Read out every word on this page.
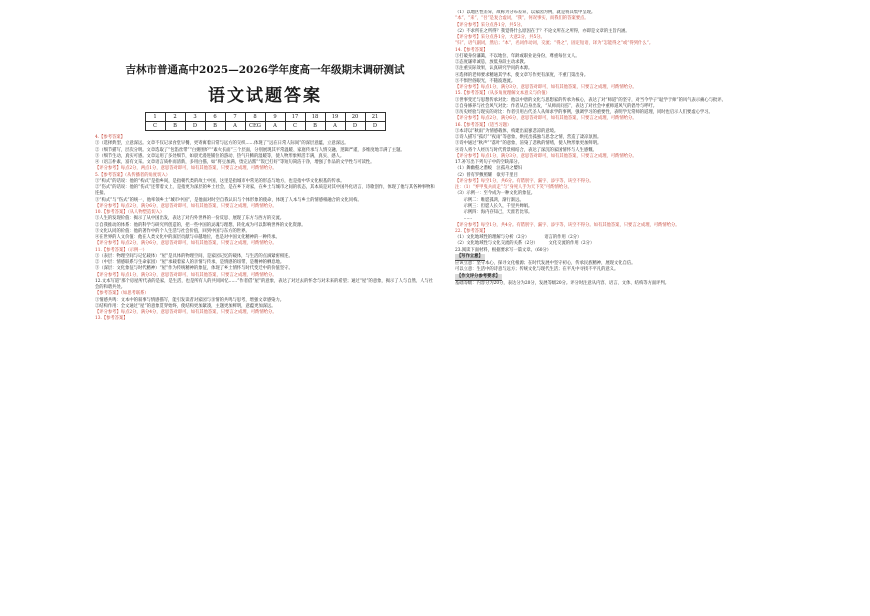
吉林市普通高中2025—2026学年度高一年级期末调研测试
语文试题答案
1	2	3	6	7	8	9	17	18	19	20	21
C	B	D	B	A	CEG	A	C	B	A	D	D

4.【参考答案】

①（选择典型，立意深远。文章不仅记录食堂早餐，更寄寓着日常与远方的交织……体现了“远在日常人际间”的深层意蕴，立意深远。

②（细节描写，层次分明。文章选取了“包馅丝带”“白粥围炉”“素火长面”三个层面，分别展现其平常温暖、家庭传承与人情交融，逻辑严谨，多维度地丰满了主题。

③（细节生动，真实可感。文章运用了多处细节，如晨光漫进铺位的游动、热气升腾的湿暖等，使人物形象鲜活丰满，真实、感人。

④（语言朴素，富有文采。文章语言质朴而清新，多用白描，如“将豆加满，烫完沾酱”“饭已打好”等短句简洁干净，增强了作品的文学性与可读性。

【评分参考】每点2分，两点1分，意思答对即可，如有其他答案，只要言之成理，可酌情给分。

5.【参考答案】（从传播者的角度切入）

①“构式”的话说：他的“构式”是指乡间，是指朝代类的故土中国，这里是指城市中常见的形态与地方，也是指中华文化根基的传承。

②“伤式”的话说：他的“伤式”还带着文上，是指更为深层的乡土社会，是在乡下对家，在乡土与城市之间的状态，其本质是对其中国外化语言、诗歌创作，体现了他与其各种事物和连接。

③“构式”与“伤式”的统一，他率领乡土“城市中国”，是他面对时空自我认识与个体形象的使命，体现了人本与乡土的情感相融合的文化同构。

【评分参考】每点2分，满分6分，意思答对即可，如有其他答案，只要言之成理，可酌情给分。

10.【参考答案】（从人物塑造切入）

①人生的发现价值：揭示了从中国出发，表达了对内外世界的一份反思、展现了东方与西方的交流。

②自我推动的体系：他的科学与研究所创造的，把一些中国的灵魂与理想，转化成为可以影响世界的文化资源。

③文化认同的价值：他的著作中的个人生活与社会价值，回到中国与东方的世界。

④在世界的人文价值：他在人类文化中的深层贡献与卓越地位，也是对中国文化精神的一种传承。

【评分参考】每点2分，满分6分，意思答对即可，如有其他答案，只要言之成理，可酌情给分。

11.【参考答案】（示例一）

①（表层：物理空间与记忆载体）“屋”是具体的物理空间，是家园记忆的载体，与生活的点滴紧密相连。

②（中层：情感联系与生命家园）“屋”承载着家人的亲情与传承，是情感的纽带，是精神的栖息地。

③（深层：文化象征与时代精神）“屋”作为传统精神的象征，体现了乡土情怀与时代变迁中的价值坚守。

【评分参考】每点1分，满分3分，意思答对即可，如有其他答案，只要言之成理，可酌情给分。

12.文本写道“那个房屋所代表的是家，是生活，也是所有人的共同回忆……”作者借“屋”的意象，表达了对过去的怀念与对未来的希望；通过“屋”的意象，揭示了人与自然、人与社会的和谐共处。

【参考答案】（如思考联系）

①情感共鸣：文本中的叙事与情感描写，能引发读者对家园与亲情的共鸣与思考，增强文章感染力。

②结构作用：全文通过“屋”的意象贯穿始终，使结构更加紧凑，主题更加鲜明，意蕴更加深远。

【评分参考】每点2分，满分4分，意思答对即可，如有其他答案，只要言之成理，可酌情给分。

13.【参考答案】

（1）以地区性差异，故称为分布差异，以家园为例，就是将其集中呈现。

“本”，“来”，“吾”是复合虚词，“我”，何况事实，而我们的答案要点。

【评分参考】采分点各1分，共5分。

（2）不求所在之所得？我觉得什么原因在于？不论文所在之所得，亦即是文章的主旨内涵。

【评分参考】采分点各1分，大意2分，共5分。

“归”，语气副词，然后；“本”，名词作动词，交流；“得之”，固定短语，译为“怎能得之”或“得到什么”。

14.【参考答案】

①打破身份藩篱，不以地位、年龄或职业论身份，尊重每位文人。

②态度谦卑诚恳，放低身段主动求教。

③注重实际效果，认真研究学问的本源。

④选择的老师要求精通其学术，使文章写作更有深度，不重门第出身。

⑤不惧世俗眼光，不随波逐流。

【评分参考】每点1分，满分3分，意思答对即可，如有其他答案，只要言之成理，可酌情给分。

15.【参考答案】（从多角度理解文本意义与价值）

①世事变迁与思想传承对比：他以中唐的文化与思想家的传承为核心，表达了对“师道”的坚守，对当今学子“耻学于师”的风气表示痛心与批评。

②自身修养与社会风气对比：作者从自身出发，“从师而问焉”，表达了对社会中重师道风气的倡导与呼吁。

③历史经验与现实的对比：作者引用古代圣人从师求学的事例，强调学习的重要性，表明学无常师的道理，同时也启示人们要虚心学习。

【评分参考】每点2分，满分6分，意思答对即可，如有其他答案，只要言之成理，可酌情给分。

16.【参考答案】（适当习题）

①本诗以“秋雨”为情感载体，构建出寂寥悲凉的意境。

②诗人描写“孤灯”“夜雨”等意象，烘托出孤独与思念之情，营造了凄凉氛围。

③诗中通过“秋声”“落叶”的意象，渲染了悲秋的情绪，使人物形象更加鲜明。

④诗人将个人经历与时代背景相结合，表达了深沉的家国情怀与人生感慨。

【评分参考】每点1分，满分3分，意思答对即可，如有其他答案，只要言之成理，可酌情给分。

17.补写出下列句子中的空缺部分。

（1）舞幽壑之潜蛟　泣孤舟之嫠妇

（2）曾有罗敷照耀　欲穷千里目

【评分参考】每空1分，共6分。有错别字、漏字、添字等，该空不得分。

注：（1）“弃甲曳兵而走”与“身死人手为天下笑”可酌情给分。

（3）示例一：至今成为一种文化的象征。

　　示例二：唯愿孤鸿，渐行渐远。

　　示例三：但愿人长久，千里共婵娟。

　　示例四：海内存知己，天涯若比邻。

　　……

【评分参考】每空1分，共4分。有错别字、漏字、添字等，该空不得分。如有其他答案，只要言之成理，可酌情给分。

22.【参考答案】

（1）文化地域性的理解与分析（2分）　　　　语言的作用（2分）

（2）文化地域性与文化交流的关系（2分）　　　文化交流的作用（2分）

23.阅读下面材料，根据要求写一篇文章。（60分）

【写作立意】

应该立意：坚守本心，探寻文化根源；在时代发展中坚守初心，传承民族精神，展现文化自信。

可以立意：生活中的诗意与远方；传统文化与现代生活；在平凡中寻找不平凡的意义。

【作文评分参考要求】

基础等级：内容分为20分，表达分为20分，发展等级20分。评分时注意从内容、语言、文体、结构等方面评判。
